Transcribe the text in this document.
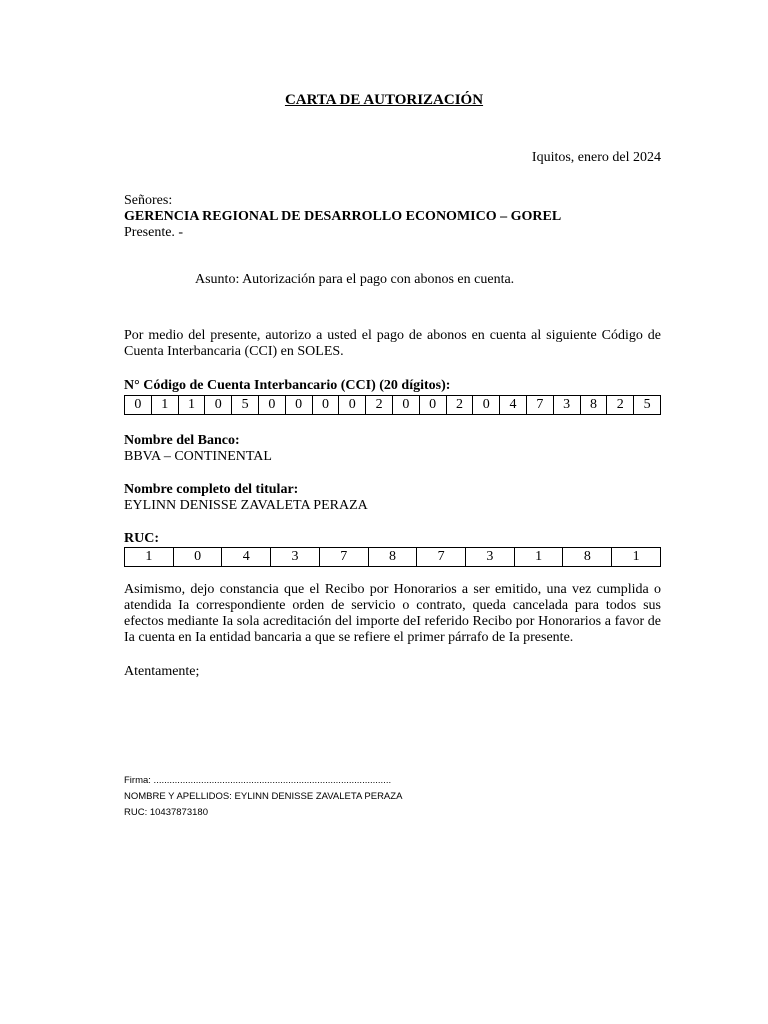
CARTA DE AUTORIZACIÓN
Iquitos, enero del 2024
Señores:
GERENCIA REGIONAL DE DESARROLLO ECONOMICO – GOREL
Presente. -
Asunto: Autorización para el pago con abonos en cuenta.
Por medio del presente, autorizo a usted el pago de abonos en cuenta al siguiente Código de Cuenta Interbancaria (CCI) en SOLES.
N° Código de Cuenta Interbancario (CCI) (20 dígitos):
0	1	1	0	5	0	0	0	0	2	0	0	2	0	4	7	3	8	2	5
Nombre del Banco:
BBVA – CONTINENTAL
Nombre completo del titular:
EYLINN DENISSE ZAVALETA PERAZA
RUC:
1	0	4	3	7	8	7	3	1	8	1
Asimismo, dejo constancia que el Recibo por Honorarios a ser emitido, una vez cumplida o atendida Ia correspondiente orden de servicio o contrato, queda cancelada para todos sus efectos mediante Ia sola acreditación del importe deI referido Recibo por Honorarios a favor de Ia cuenta en Ia entidad bancaria a que se refiere el primer párrafo de Ia presente.
Atentamente;
Firma: ..........................................................................................
NOMBRE Y APELLIDOS: EYLINN DENISSE ZAVALETA PERAZA
RUC: 10437873180
